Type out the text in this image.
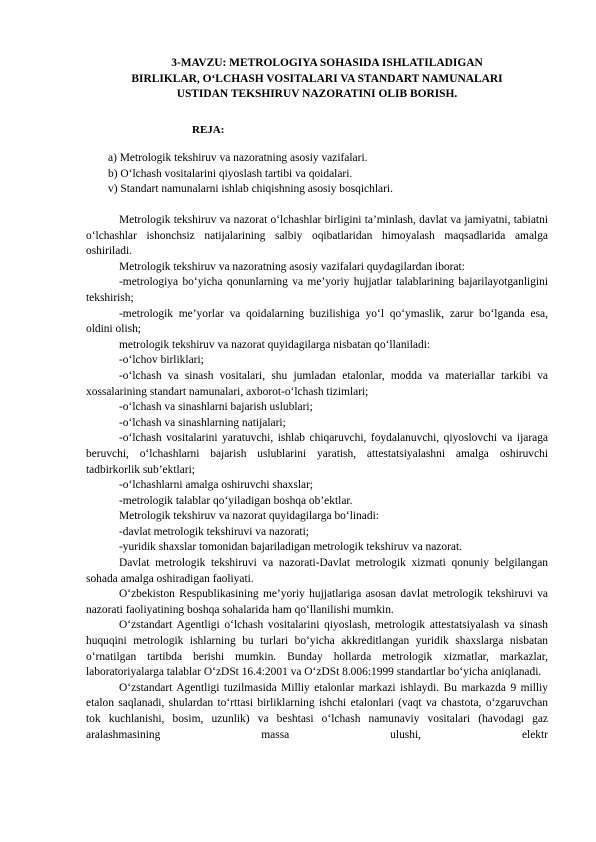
3-MAVZU: METROLOGIYA SOHASIDA ISHLATILADIGAN
BIRLIKLAR, O‘LCHASH VOSITALARI VA STANDART NAMUNALARI
USTIDAN TEKSHIRUV NAZORATINI OLIB BORISH.
REJA:
a) Metrologik tekshiruv va nazoratning asosiy vazifalari.
b) O‘lchash vositalarini qiyoslash tartibi va qoidalari.
v) Standart namunalarni ishlab chiqishning asosiy bosqichlari.

Metrologik tekshiruv va nazorat o‘lchashlar birligini ta’minlash, davlat va jamiyatni, tabiatni o‘lchashlar ishonchsiz natijalarining salbiy oqibatlaridan himoyalash maqsadlarida amalga oshiriladi.

Metrologik tekshiruv va nazoratning asosiy vazifalari quydagilardan iborat:

-metrologiya bo‘yicha qonunlarning va me’yoriy hujjatlar talablarining bajarilayotganligini tekshirish;

-metrologik me’yorlar va qoidalarning buzilishiga yo‘l qo‘ymaslik, zarur bo‘lganda esa, oldini olish;

metrologik tekshiruv va nazorat quyidagilarga nisbatan qo‘llaniladi:

-o‘lchov birliklari;

-o‘lchash va sinash vositalari, shu jumladan etalonlar, modda va materiallar tarkibi va xossalarining standart namunalari, axborot-o‘lchash tizimlari;

-o‘lchash va sinashlarni bajarish uslublari;

-o‘lchash va sinashlarning natijalari;

-o‘lchash vositalarini yaratuvchi, ishlab chiqaruvchi, foydalanuvchi, qiyoslovchi va ijaraga beruvchi, o‘lchashlarni bajarish uslublarini yaratish, attestatsiyalashni amalga oshiruvchi tadbirkorlik sub’ektlari;

-o‘lchashlarni amalga oshiruvchi shaxslar;

-metrologik talablar qo‘yiladigan boshqa ob’ektlar.

Metrologik tekshiruv va nazorat quyidagilarga bo‘linadi:

-davlat metrologik tekshiruvi va nazorati;

-yuridik shaxslar tomonidan bajariladigan metrologik tekshiruv va nazorat.

Davlat metrologik tekshiruvi va nazorati-Davlat metrologik xizmati qonuniy belgilangan sohada amalga oshiradigan faoliyati.

O‘zbekiston Respublikasining me’yoriy hujjatlariga asosan davlat metrologik tekshiruvi va nazorati faoliyatining boshqa sohalarida ham qo‘llanilishi mumkin.

O‘zstandart Agentligi o‘lchash vositalarini qiyoslash, metrologik attestatsiyalash va sinash huquqini metrologik ishlarning bu turlari bo‘yicha akkreditlangan yuridik shaxslarga nisbatan o‘rnatilgan tartibda berishi mumkin. Bunday hollarda metrologik xizmatlar, markazlar, laboratoriyalarga talablar O‘zDSt 16.4:2001 va O‘zDSt 8.006:1999 standartlar bo‘yicha aniqlanadi.

O‘zstandart Agentligi tuzilmasida Milliy etalonlar markazi ishlaydi. Bu markazda 9 milliy etalon saqlanadi, shulardan to‘rttasi birliklarning ishchi etalonlari (vaqt va chastota, o‘zgaruvchan tok kuchlanishi, bosim, uzunlik) va beshtasi o‘lchash namunaviy vositalari (havodagi gaz aralashmasining massa ulushi, elektr
